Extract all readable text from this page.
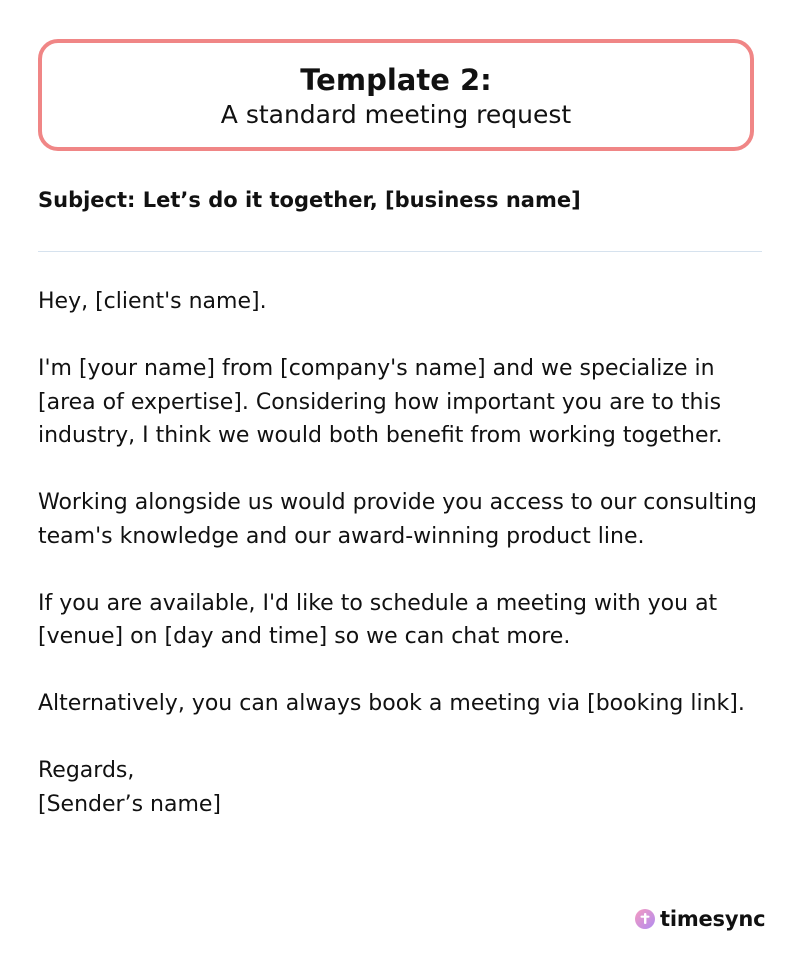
Template 2:
A standard meeting request
Subject: Let’s do it together, [business name]

Hey, [client's name].

I'm [your name] from [company's name] and we specialize in [area of expertise]. Considering how important you are to this industry, I think we would both benefit from working together.

Working alongside us would provide you access to our consulting team's knowledge and our award-winning product line.

If you are available, I'd like to schedule a meeting with you at [venue] on [day and time] so we can chat more.

Alternatively, you can always book a meeting via [booking link].

Regards,
[Sender’s name]

timesync
